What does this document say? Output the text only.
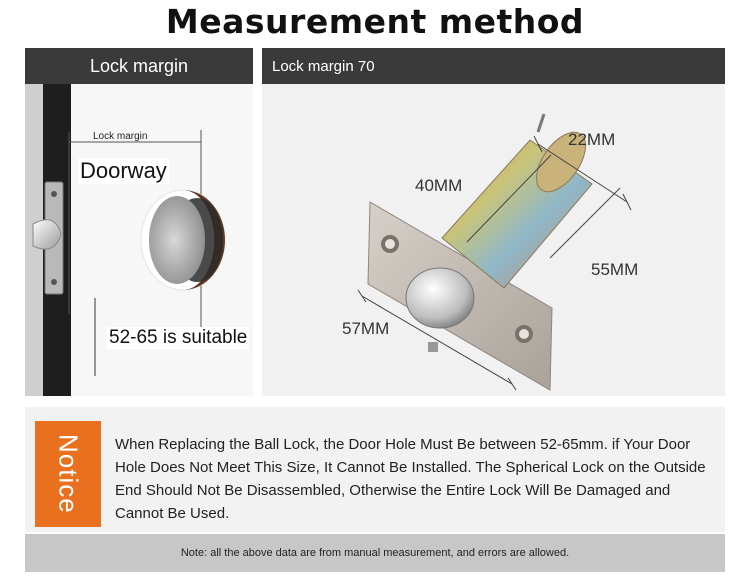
Measurement method
Lock margin
Lock margin
Doorway
52-65 is suitable
Lock margin 70
22MM
40MM
55MM
57MM
Notice When Replacing the Ball Lock, the Door Hole Must Be between 52-65mm. if Your Door Hole Does Not Meet This Size, It Cannot Be Installed. The Spherical Lock on the Outside End Should Not Be Disassembled, Otherwise the Entire Lock Will Be Damaged and Cannot Be Used.
Note: all the above data are from manual measurement, and errors are allowed.
